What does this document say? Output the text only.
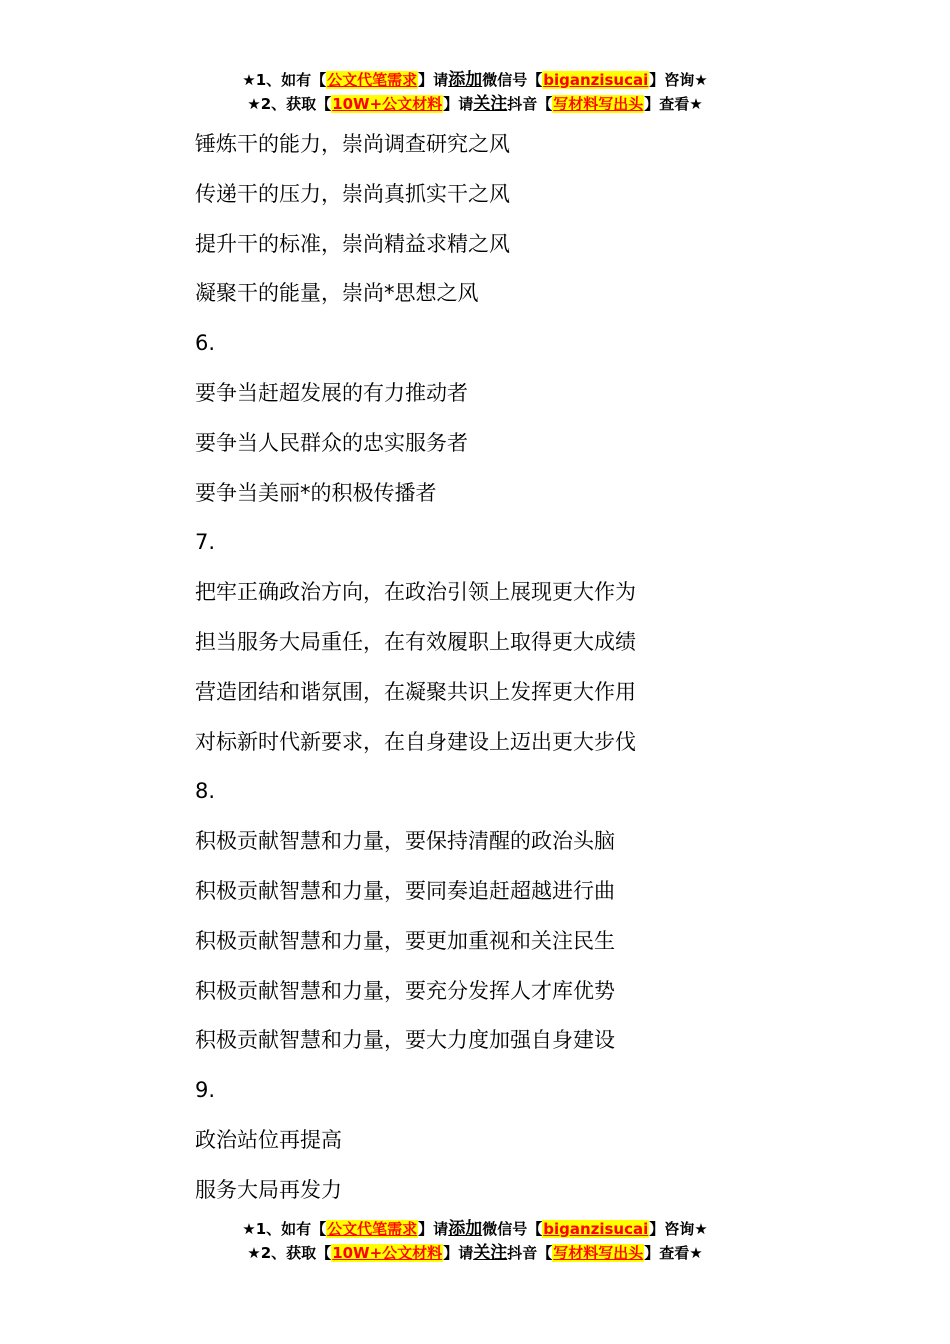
★1、如有【公文代笔需求】请添加微信号【biganzisucai】咨询★
★2、获取【10W+公文材料】请关注抖音【写材料写出头】查看★
锤炼干的能力，崇尚调查研究之风
传递干的压力，崇尚真抓实干之风
提升干的标准，崇尚精益求精之风
凝聚干的能量，崇尚*思想之风
6.
要争当赶超发展的有力推动者
要争当人民群众的忠实服务者
要争当美丽*的积极传播者
7.
把牢正确政治方向，在政治引领上展现更大作为
担当服务大局重任，在有效履职上取得更大成绩
营造团结和谐氛围，在凝聚共识上发挥更大作用
对标新时代新要求，在自身建设上迈出更大步伐
8.
积极贡献智慧和力量，要保持清醒的政治头脑
积极贡献智慧和力量，要同奏追赶超越进行曲
积极贡献智慧和力量，要更加重视和关注民生
积极贡献智慧和力量，要充分发挥人才库优势
积极贡献智慧和力量，要大力度加强自身建设
9.
政治站位再提高
服务大局再发力
★1、如有【公文代笔需求】请添加微信号【biganzisucai】咨询★
★2、获取【10W+公文材料】请关注抖音【写材料写出头】查看★
